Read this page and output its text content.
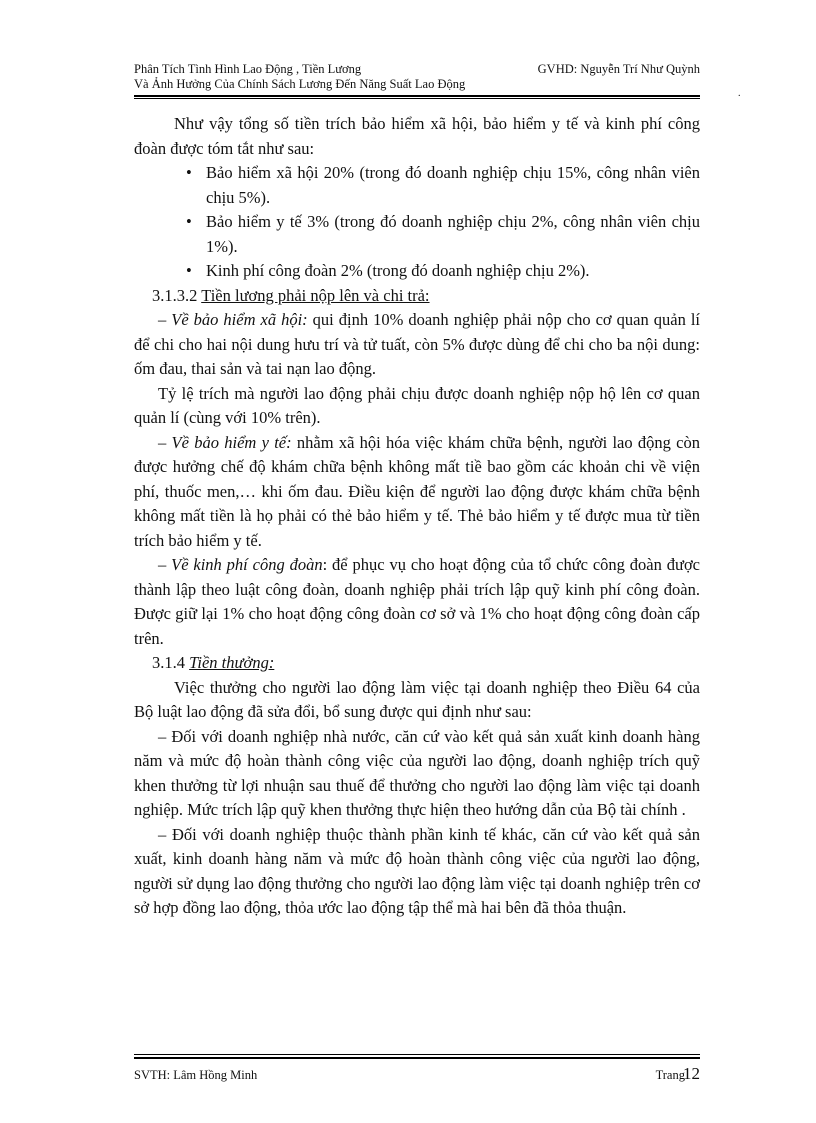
Phân Tích Tình Hình Lao Động , Tiền Lương	GVHD: Nguyễn Trí Như Quỳnh
Và Ảnh Hưởng Của Chính Sách Lương Đến Năng Suất Lao Động
.

Như vậy tổng số tiền trích bảo hiểm xã hội, bảo hiểm y tế và kinh phí công đoàn được tóm tắt như sau:

• Bảo hiểm xã hội 20% (trong đó doanh nghiệp chịu 15%, công nhân viên chịu 5%).
• Bảo hiểm y tế 3% (trong đó doanh nghiệp chịu 2%, công nhân viên chịu 1%).
• Kinh phí công đoàn 2% (trong đó doanh nghiệp chịu 2%).

3.1.3.2 Tiền lương phải nộp lên và chi trả:

– Về bảo hiểm xã hội: qui định 10% doanh nghiệp phải nộp cho cơ quan quản lí để chi cho hai nội dung hưu trí và tử tuất, còn 5% được dùng để chi cho ba nội dung: ốm đau, thai sản và tai nạn lao động.

Tỷ lệ trích mà người lao động phải chịu được doanh nghiệp nộp hộ lên cơ quan quản lí (cùng với 10% trên).

– Về bảo hiểm y tế: nhằm xã hội hóa việc khám chữa bệnh, người lao động còn được hưởng chế độ khám chữa bệnh không mất tiề bao gồm các khoản chi về viện phí, thuốc men,… khi ốm đau. Điều kiện để người lao động được khám chữa bệnh không mất tiền là họ phải có thẻ bảo hiểm y tế. Thẻ bảo hiểm y tế được mua từ tiền trích bảo hiểm y tế.

– Về kinh phí công đoàn: để phục vụ cho hoạt động của tổ chức công đoàn được thành lập theo luật công đoàn, doanh nghiệp phải trích lập quỹ kinh phí công đoàn. Được giữ lại 1% cho hoạt động công đoàn cơ sở và 1% cho hoạt động công đoàn cấp trên.

3.1.4 Tiền thưởng:

Việc thưởng cho người lao động làm việc tại doanh nghiệp theo Điều 64 của Bộ luật lao động đã sửa đổi, bổ sung được qui định như sau:

– Đối với doanh nghiệp nhà nước, căn cứ vào kết quả sản xuất kinh doanh hàng năm và mức độ hoàn thành công việc của người lao động, doanh nghiệp trích quỹ khen thưởng từ lợi nhuận sau thuế để thưởng cho người lao động làm việc tại doanh nghiệp. Mức trích lập quỹ khen thưởng thực hiện theo hướng dẫn của Bộ tài chính .

– Đối với doanh nghiệp thuộc thành phần kinh tế khác, căn cứ vào kết quả sản xuất, kinh doanh hàng năm và mức độ hoàn thành công việc của người lao động, người sử dụng lao động thưởng cho người lao động làm việc tại doanh nghiệp trên cơ sở hợp đồng lao động, thỏa ước lao động tập thể mà hai bên đã thỏa thuận.

SVTH: Lâm Hồng Minh	Trang
12
